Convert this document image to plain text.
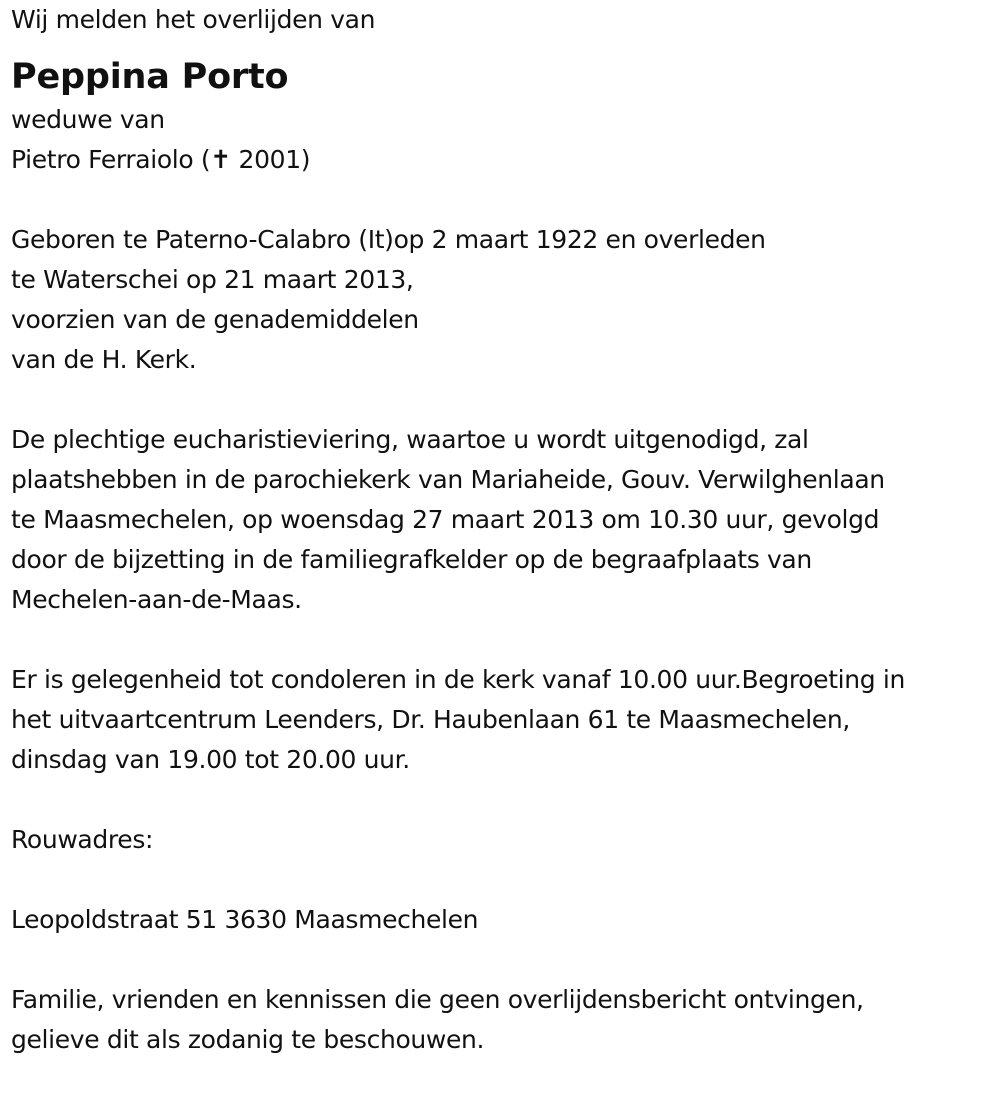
Wij melden het overlijden van
Peppina Porto
weduwe van
Pietro Ferraiolo (✝ 2001)
Geboren te Paterno-Calabro (It)op 2 maart 1922 en overleden
te Waterschei op 21 maart 2013,
voorzien van de genademiddelen
van de H. Kerk.
De plechtige eucharistieviering, waartoe u wordt uitgenodigd, zal
plaatshebben in de parochiekerk van Mariaheide, Gouv. Verwilghenlaan
te Maasmechelen, op woensdag 27 maart 2013 om 10.30 uur, gevolgd
door de bijzetting in de familiegrafkelder op de begraafplaats van
Mechelen-aan-de-Maas.
Er is gelegenheid tot condoleren in de kerk vanaf 10.00 uur.Begroeting in
het uitvaartcentrum Leenders, Dr. Haubenlaan 61 te Maasmechelen,
dinsdag van 19.00 tot 20.00 uur.
Rouwadres:
Leopoldstraat 51 3630 Maasmechelen
Familie, vrienden en kennissen die geen overlijdensbericht ontvingen,
gelieve dit als zodanig te beschouwen.
